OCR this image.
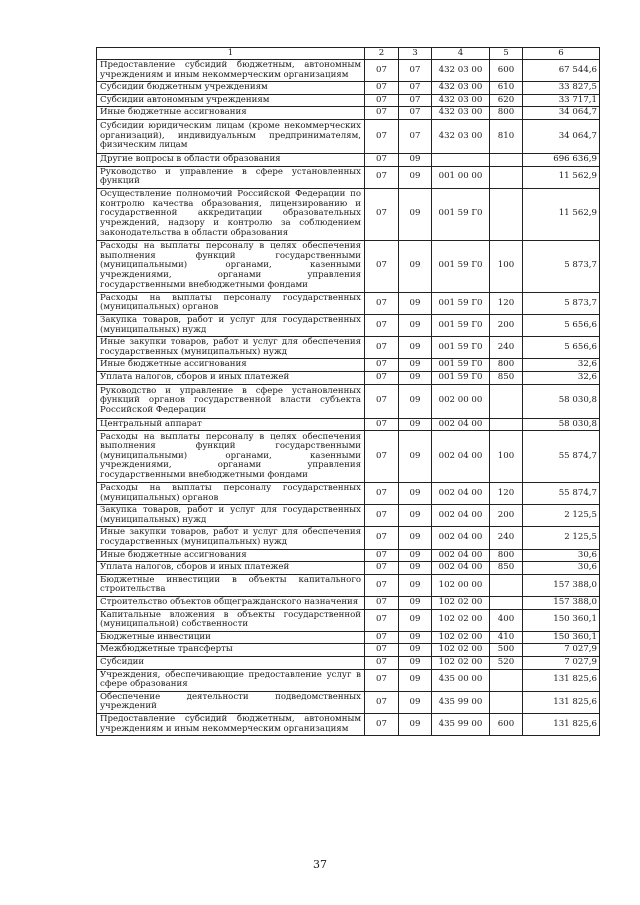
1	2	3	4	5	6
Предоставление субсидий бюджетным, автономным учреждениям и иным некоммерческим организациям	07	07	432 03 00	600	67 544,6
Субсидии бюджетным учреждениям	07	07	432 03 00	610	33 827,5
Субсидии автономным учреждениям	07	07	432 03 00	620	33 717,1
Иные бюджетные ассигнования	07	07	432 03 00	800	34 064,7
Субсидии юридическим лицам (кроме некоммерческих организаций), индивидуальным предпринимателям, физическим лицам	07	07	432 03 00	810	34 064,7
Другие вопросы в области образования	07	09			696 636,9
Руководство и управление в сфере установленных функций	07	09	001 00 00		11 562,9
Осуществление полномочий Российской Федерации по контролю качества образования, лицензированию и государственной аккредитации образовательных учреждений, надзору и контролю за соблюдением законодательства в области образования	07	09	001 59 Г0		11 562,9
Расходы на выплаты персоналу в целях обеспечения выполнения функций государственными (муниципальными) органами, казенными учреждениями, органами управления государственными внебюджетными фондами	07	09	001 59 Г0	100	5 873,7
Расходы на выплаты персоналу государственных (муниципальных) органов	07	09	001 59 Г0	120	5 873,7
Закупка товаров, работ и услуг для государственных (муниципальных) нужд	07	09	001 59 Г0	200	5 656,6
Иные закупки товаров, работ и услуг для обеспечения государственных (муниципальных) нужд	07	09	001 59 Г0	240	5 656,6
Иные бюджетные ассигнования	07	09	001 59 Г0	800	32,6
Уплата налогов, сборов и иных платежей	07	09	001 59 Г0	850	32,6
Руководство и управление в сфере установленных функций органов государственной власти субъекта Российской Федерации	07	09	002 00 00		58 030,8
Центральный аппарат	07	09	002 04 00		58 030,8
Расходы на выплаты персоналу в целях обеспечения выполнения функций государственными (муниципальными) органами, казенными учреждениями, органами управления государственными внебюджетными фондами	07	09	002 04 00	100	55 874,7
Расходы на выплаты персоналу государственных (муниципальных) органов	07	09	002 04 00	120	55 874,7
Закупка товаров, работ и услуг для государственных (муниципальных) нужд	07	09	002 04 00	200	2 125,5
Иные закупки товаров, работ и услуг для обеспечения государственных (муниципальных) нужд	07	09	002 04 00	240	2 125,5
Иные бюджетные ассигнования	07	09	002 04 00	800	30,6
Уплата налогов, сборов и иных платежей	07	09	002 04 00	850	30,6
Бюджетные инвестиции в объекты капитального строительства	07	09	102 00 00		157 388,0
Строительство объектов общегражданского назначения	07	09	102 02 00		157 388,0
Капитальные вложения в объекты государственной (муниципальной) собственности	07	09	102 02 00	400	150 360,1
Бюджетные инвестиции	07	09	102 02 00	410	150 360,1
Межбюджетные трансферты	07	09	102 02 00	500	7 027,9
Субсидии	07	09	102 02 00	520	7 027,9
Учреждения, обеспечивающие предоставление услуг в сфере образования	07	09	435 00 00		131 825,6
Обеспечение деятельности подведомственных учреждений	07	09	435 99 00		131 825,6
Предоставление субсидий бюджетным, автономным учреждениям и иным некоммерческим организациям	07	09	435 99 00	600	131 825,6
37
